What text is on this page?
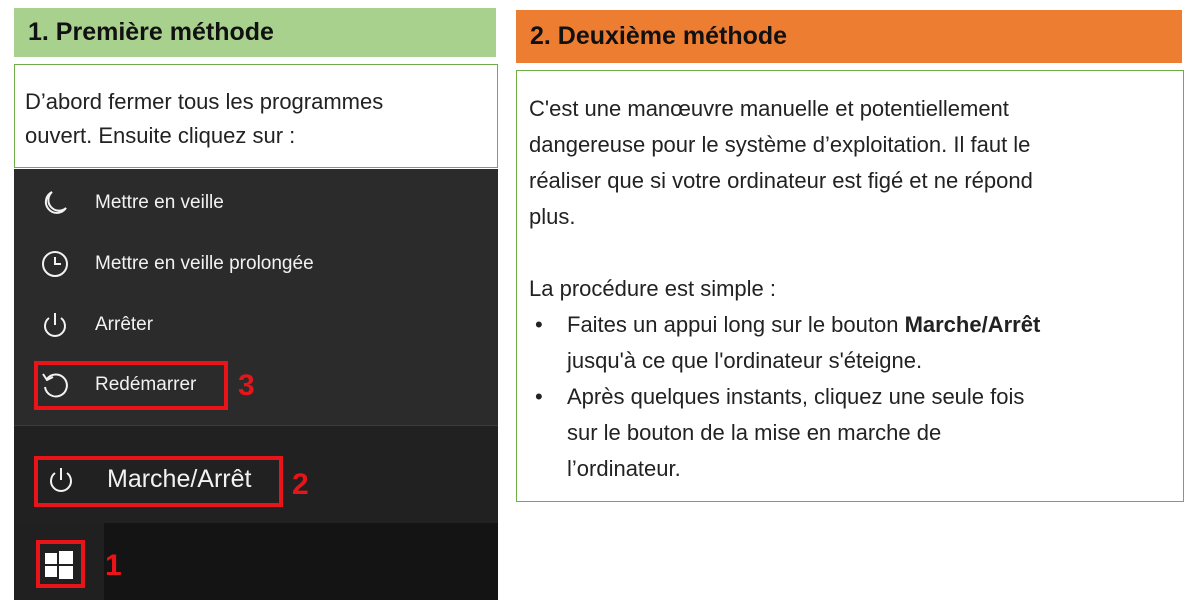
1. Première méthode
D’abord fermer tous les programmes
ouvert. Ensuite cliquez sur :
Mettre en veille
Mettre en veille prolongée
Arrêter
Redémarrer
Marche/Arrêt
3
2
1
2. Deuxième méthode

C'est une manœuvre manuelle et potentiellement

dangereuse pour le système d’exploitation. Il faut le

réaliser que si votre ordinateur est figé et ne répond

plus.

La procédure est simple :

• Faites un appui long sur le bouton Marche/Arrêt
jusqu'à ce que l'ordinateur s'éteigne.
• Après quelques instants, cliquez une seule fois
sur le bouton de la mise en marche de
l’ordinateur.
